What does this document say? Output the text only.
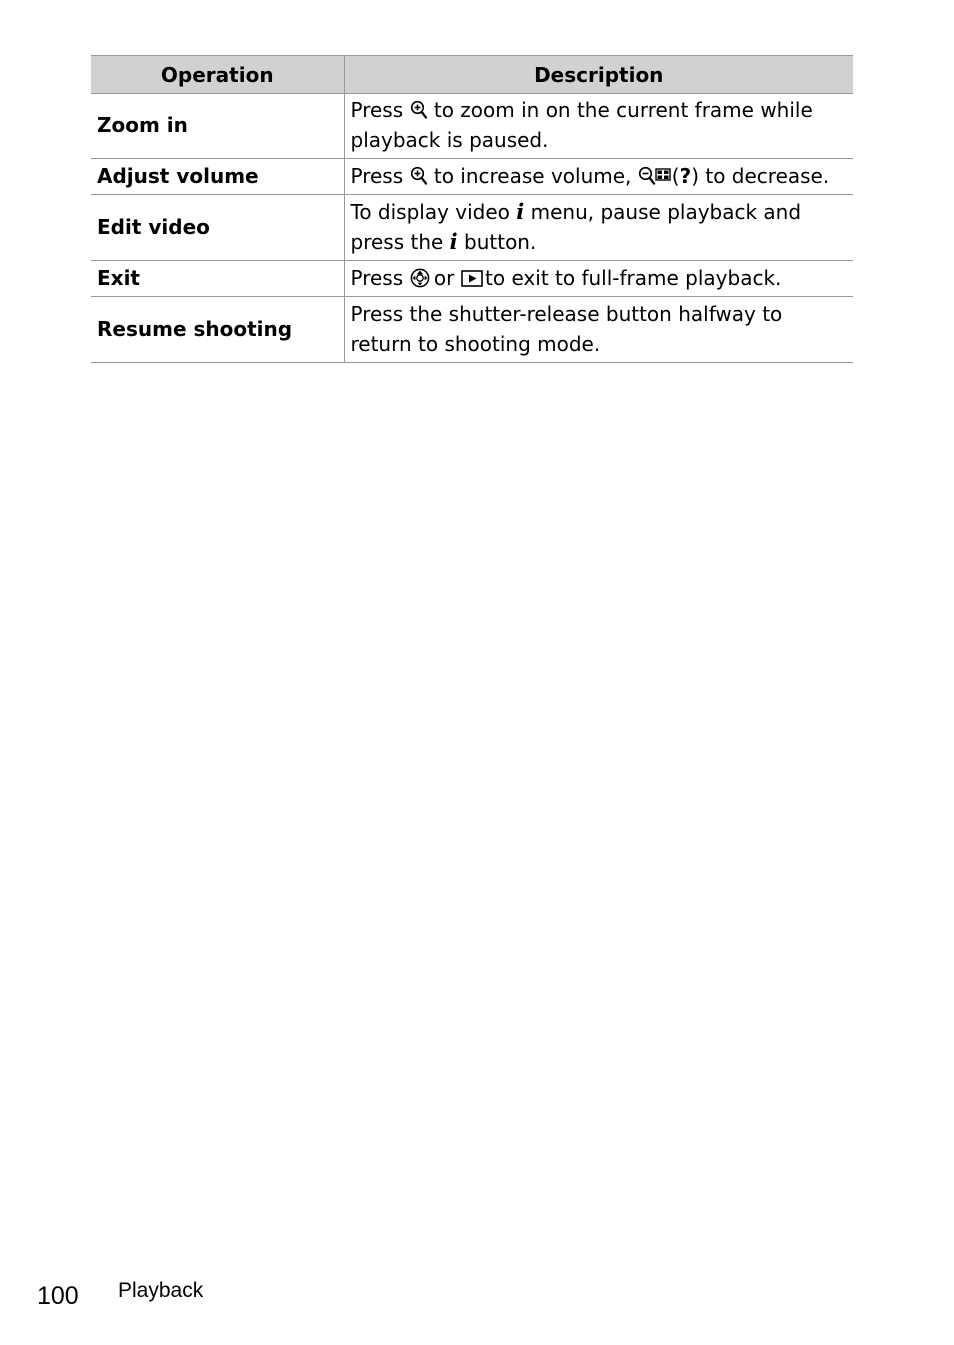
Operation	Description
Zoom in	Press to zoom in on the current frame while playback is paused.
Adjust volume	Press to increase volume, (?) to decrease.
Edit video	To display video i menu, pause playback and press the i button.
Exit	Press or to exit to full-frame playback.
Resume shooting	Press the shutter-release button halfway to return to shooting mode.
100 Playback
